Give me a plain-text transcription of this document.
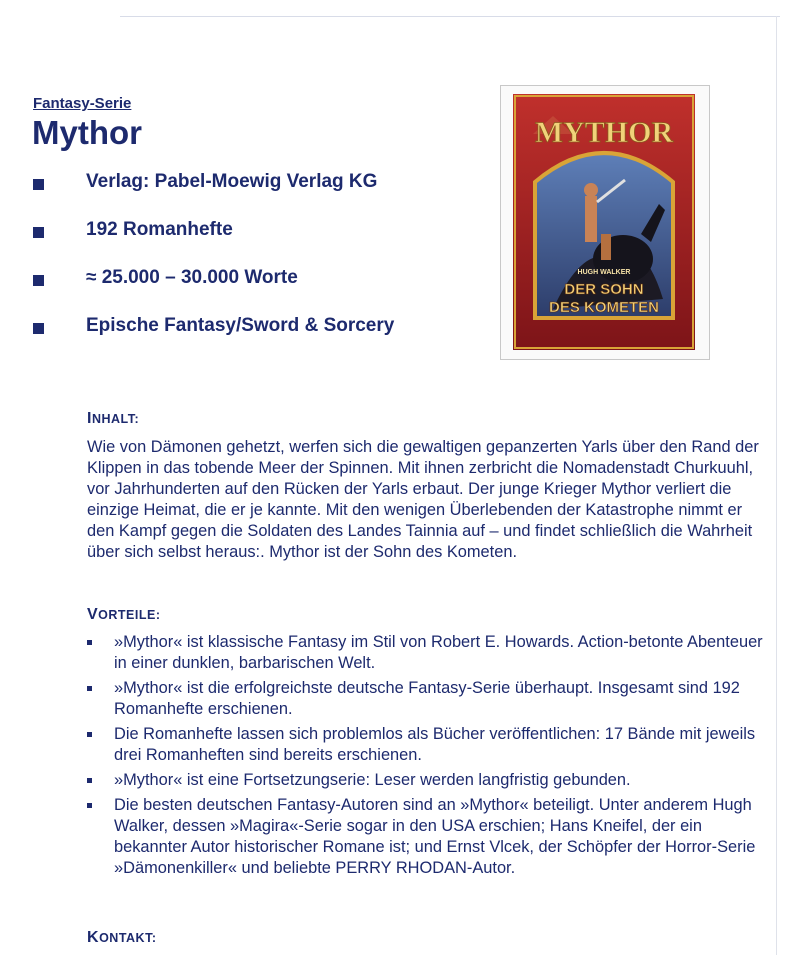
Fantasy-Serie
Mythor
Verlag: Pabel-Moewig Verlag KG
192 Romanhefte
≈ 25.000 – 30.000 Worte
Epische Fantasy/Sword & Sorcery
MYTHOR
HUGH WALKER
DER SOHN
DES KOMETEN
INHALT:

Wie von Dämonen gehetzt, werfen sich die gewaltigen gepanzerten Yarls über den Rand der Klippen in das tobende Meer der Spinnen. Mit ihnen zerbricht die Nomadenstadt Churkuuhl, vor Jahrhunderten auf den Rücken der Yarls erbaut. Der junge Krieger Mythor verliert die einzige Heimat, die er je kannte. Mit den wenigen Überlebenden der Katastrophe nimmt er den Kampf gegen die Soldaten des Landes Tainnia auf – und findet schließlich die Wahrheit über sich selbst heraus:. Mythor ist der Sohn des Kometen.

VORTEILE:
»Mythor« ist klassische Fantasy im Stil von Robert E. Howards. Action-betonte Abenteuer in einer dunklen, barbarischen Welt.
»Mythor« ist die erfolgreichste deutsche Fantasy-Serie überhaupt. Insgesamt sind 192 Romanhefte erschienen.
Die Romanhefte lassen sich problemlos als Bücher veröffentlichen: 17 Bände mit jeweils drei Romanheften sind bereits erschienen.
»Mythor« ist eine Fortsetzungserie: Leser werden langfristig gebunden.
Die besten deutschen Fantasy-Autoren sind an »Mythor« beteiligt. Unter anderem Hugh Walker, dessen »Magira«-Serie sogar in den USA erschien; Hans Kneifel, der ein bekannter Autor historischer Romane ist; und Ernst Vlcek, der Schöpfer der Horror-Serie »Dämonenkiller« und beliebte PERRY RHODAN-Autor.
KONTAKT:
